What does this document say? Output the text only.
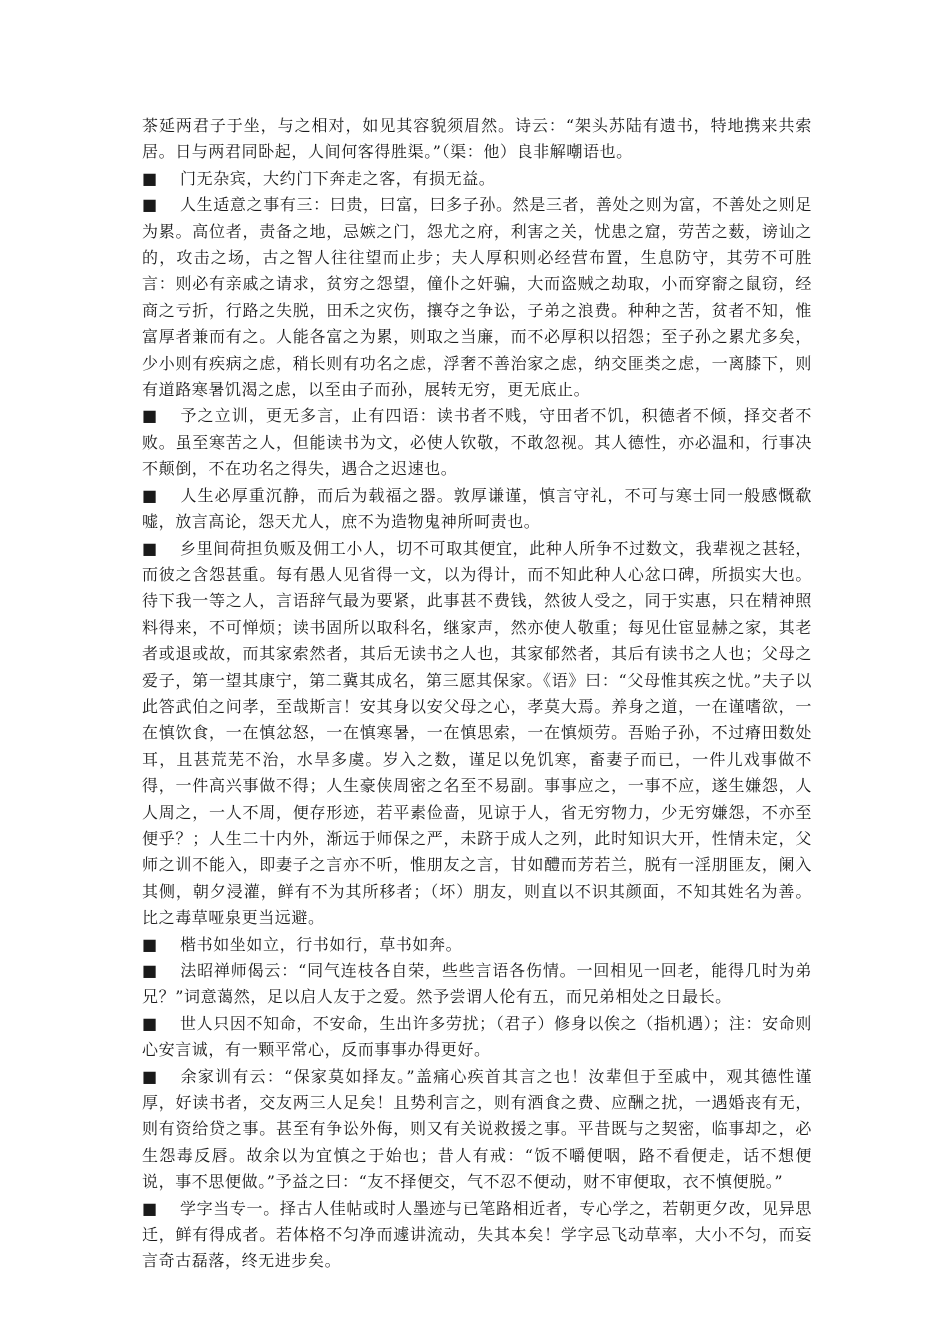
茶延两君子于坐，与之相对，如见其容貌须眉然。诗云：“架头苏陆有遗书，特地携来共索居。日与两君同卧起，人间何客得胜渠。”（渠：他）良非解嘲语也。

■ 门无杂宾，大约门下奔走之客，有损无益。

■ 人生适意之事有三：曰贵，曰富，曰多子孙。然是三者，善处之则为富，不善处之则足为累。高位者，责备之地，忌嫉之门，怨尤之府，利害之关，忧患之窟，劳苦之薮，谤讪之的，攻击之场，古之智人往往望而止步；夫人厚积则必经营布置，生息防守，其劳不可胜言：则必有亲戚之请求，贫穷之怨望，僮仆之奸骗，大而盗贼之劫取，小而穿窬之鼠窃，经商之亏折，行路之失脱，田禾之灾伤，攘夺之争讼，子弟之浪费。种种之苦，贫者不知，惟富厚者兼而有之。人能各富之为累，则取之当廉，而不必厚积以招怨；至子孙之累尤多矣，少小则有疾病之虑，稍长则有功名之虑，浮奢不善治家之虑，纳交匪类之虑，一离膝下，则有道路寒暑饥渴之虑，以至由子而孙，展转无穷，更无底止。

■ 予之立训，更无多言，止有四语：读书者不贱，守田者不饥，积德者不倾，择交者不败。虽至寒苦之人，但能读书为文，必使人钦敬，不敢忽视。其人德性，亦必温和，行事决不颠倒，不在功名之得失，遇合之迟速也。

■ 人生必厚重沉静，而后为载福之器。敦厚谦谨，慎言守礼，不可与寒士同一般感慨欷嘘，放言高论，怨天尤人，庶不为造物鬼神所呵责也。

■ 乡里间荷担负贩及佣工小人，切不可取其便宜，此种人所争不过数文，我辈视之甚轻，而彼之含怨甚重。每有愚人见省得一文，以为得计，而不知此种人心忿口碑，所损实大也。待下我一等之人，言语辞气最为要紧，此事甚不费钱，然彼人受之，同于实惠，只在精神照料得来，不可惮烦；读书固所以取科名，继家声，然亦使人敬重；每见仕宦显赫之家，其老者或退或故，而其家索然者，其后无读书之人也，其家郁然者，其后有读书之人也；父母之爱子，第一望其康宁，第二冀其成名，第三愿其保家。《语》曰：“父母惟其疾之忧。”夫子以此答武伯之问孝，至哉斯言！安其身以安父母之心，孝莫大焉。养身之道，一在谨嗜欲，一在慎饮食，一在慎忿怒，一在慎寒暑，一在慎思索，一在慎烦劳。吾贻子孙，不过瘠田数处耳，且甚荒芜不治，水旱多虞。岁入之数，谨足以免饥寒，畜妻子而已，一件儿戏事做不得，一件高兴事做不得；人生豪侠周密之名至不易副。事事应之，一事不应，遂生嫌怨，人人周之，一人不周，便存形迹，若平素俭啬，见谅于人，省无穷物力，少无穷嫌怨，不亦至便乎？；人生二十内外，渐远于师保之严，未跻于成人之列，此时知识大开，性情未定，父师之训不能入，即妻子之言亦不听，惟朋友之言，甘如醴而芳若兰，脱有一淫朋匪友，阑入其侧，朝夕浸灌，鲜有不为其所移者；（坏）朋友，则直以不识其颜面，不知其姓名为善。比之毒草哑泉更当远避。

■ 楷书如坐如立，行书如行，草书如奔。

■ 法昭禅师偈云：“同气连枝各自荣，些些言语各伤情。一回相见一回老，能得几时为弟兄？”词意蔼然，足以启人友于之爱。然予尝谓人伦有五，而兄弟相处之日最长。

■ 世人只因不知命，不安命，生出许多劳扰；（君子）修身以俟之（指机遇）；注：安命则心安言诚，有一颗平常心，反而事事办得更好。

■ 余家训有云：“保家莫如择友。”盖痛心疾首其言之也！汝辈但于至戚中，观其德性谨厚，好读书者，交友两三人足矣！且势利言之，则有酒食之费、应酬之扰，一遇婚丧有无，则有资给贷之事。甚至有争讼外侮，则又有关说救援之事。平昔既与之契密，临事却之，必生怨毒反唇。故余以为宜慎之于始也；昔人有戒：“饭不嚼便咽，路不看便走，话不想便说，事不思便做。”予益之曰：“友不择便交，气不忍不便动，财不审便取，衣不慎便脱。”

■ 学字当专一。择古人佳帖或时人墨迹与已笔路相近者，专心学之，若朝更夕改，见异思迁，鲜有得成者。若体格不匀净而遽讲流动，失其本矣！学字忌飞动草率，大小不匀，而妄言奇古磊落，终无进步矣。
